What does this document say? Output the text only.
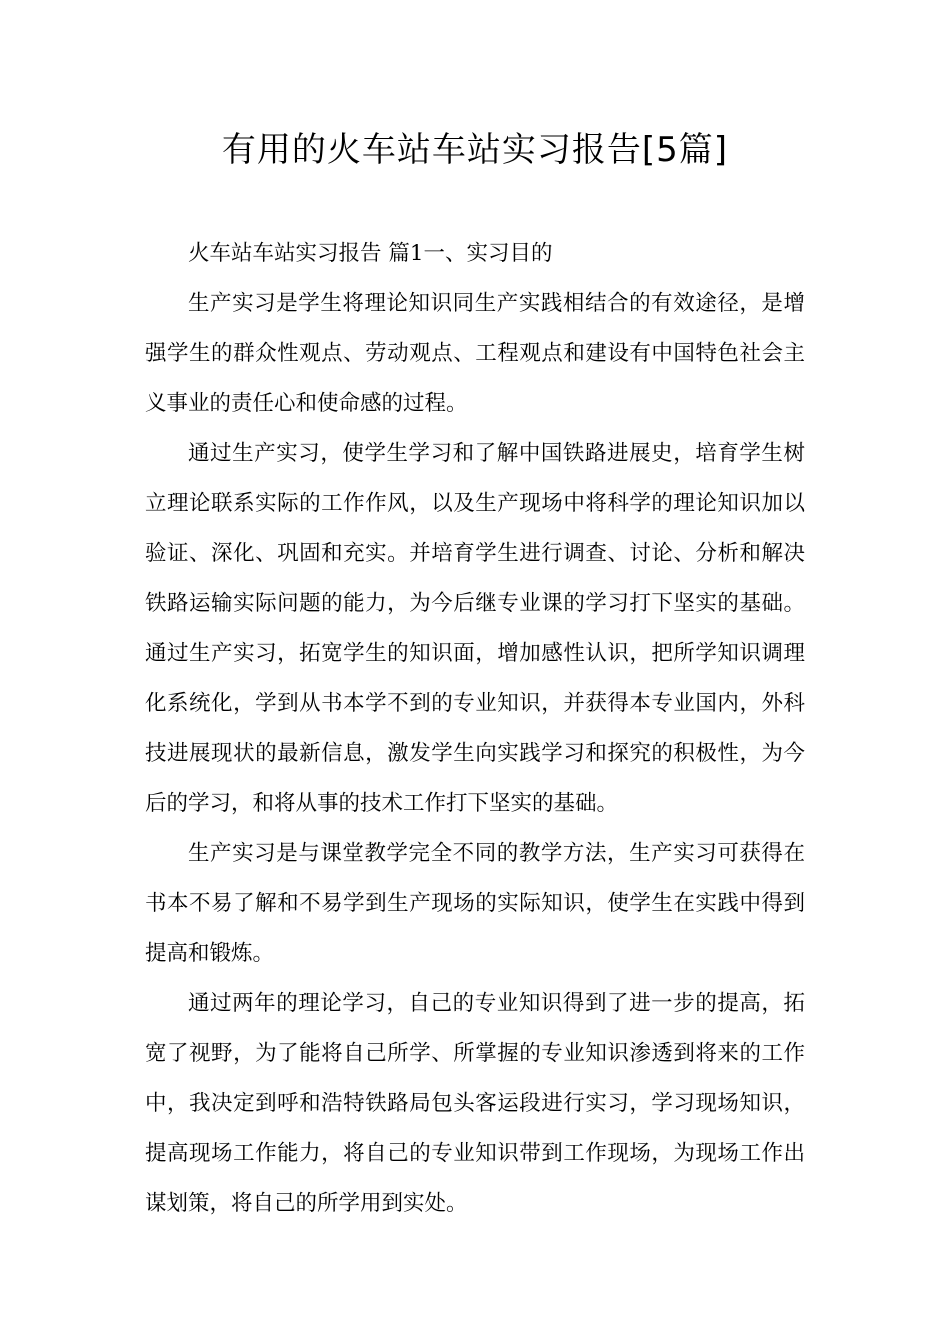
有用的火车站车站实习报告[5篇]

火车站车站实习报告 篇1一、实习目的

生产实习是学生将理论知识同生产实践相结合的有效途径，是增强学生的群众性观点、劳动观点、工程观点和建设有中国特色社会主义事业的责任心和使命感的过程。

通过生产实习，使学生学习和了解中国铁路进展史，培育学生树立理论联系实际的工作作风，以及生产现场中将科学的理论知识加以验证、深化、巩固和充实。并培育学生进行调查、讨论、分析和解决铁路运输实际问题的能力，为今后继专业课的学习打下坚实的基础。通过生产实习，拓宽学生的知识面，增加感性认识，把所学知识调理化系统化，学到从书本学不到的专业知识，并获得本专业国内，外科技进展现状的最新信息，激发学生向实践学习和探究的积极性，为今后的学习，和将从事的技术工作打下坚实的基础。

生产实习是与课堂教学完全不同的教学方法，生产实习可获得在书本不易了解和不易学到生产现场的实际知识，使学生在实践中得到提高和锻炼。

通过两年的理论学习，自己的专业知识得到了进一步的提高，拓宽了视野，为了能将自己所学、所掌握的专业知识渗透到将来的工作中，我决定到呼和浩特铁路局包头客运段进行实习，学习现场知识，提高现场工作能力，将自己的专业知识带到工作现场，为现场工作出谋划策，将自己的所学用到实处。
